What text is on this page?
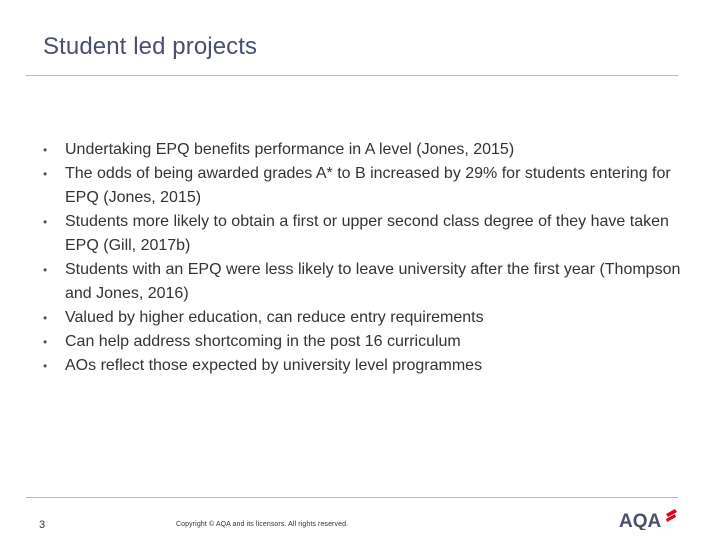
Student led projects
• Undertaking EPQ benefits performance in A level (Jones, 2015)
• The odds of being awarded grades A* to B increased by 29% for students entering for EPQ (Jones, 2015)
• Students more likely to obtain a first or upper second class degree of they have taken EPQ (Gill, 2017b)
• Students with an EPQ were less likely to leave university after the first year (Thompson and Jones, 2016)
• Valued by higher education, can reduce entry requirements
• Can help address shortcoming in the post 16 curriculum
• AOs reflect those expected by university level programmes
3	Copyright © AQA and its licensors. All rights reserved.	AQA
